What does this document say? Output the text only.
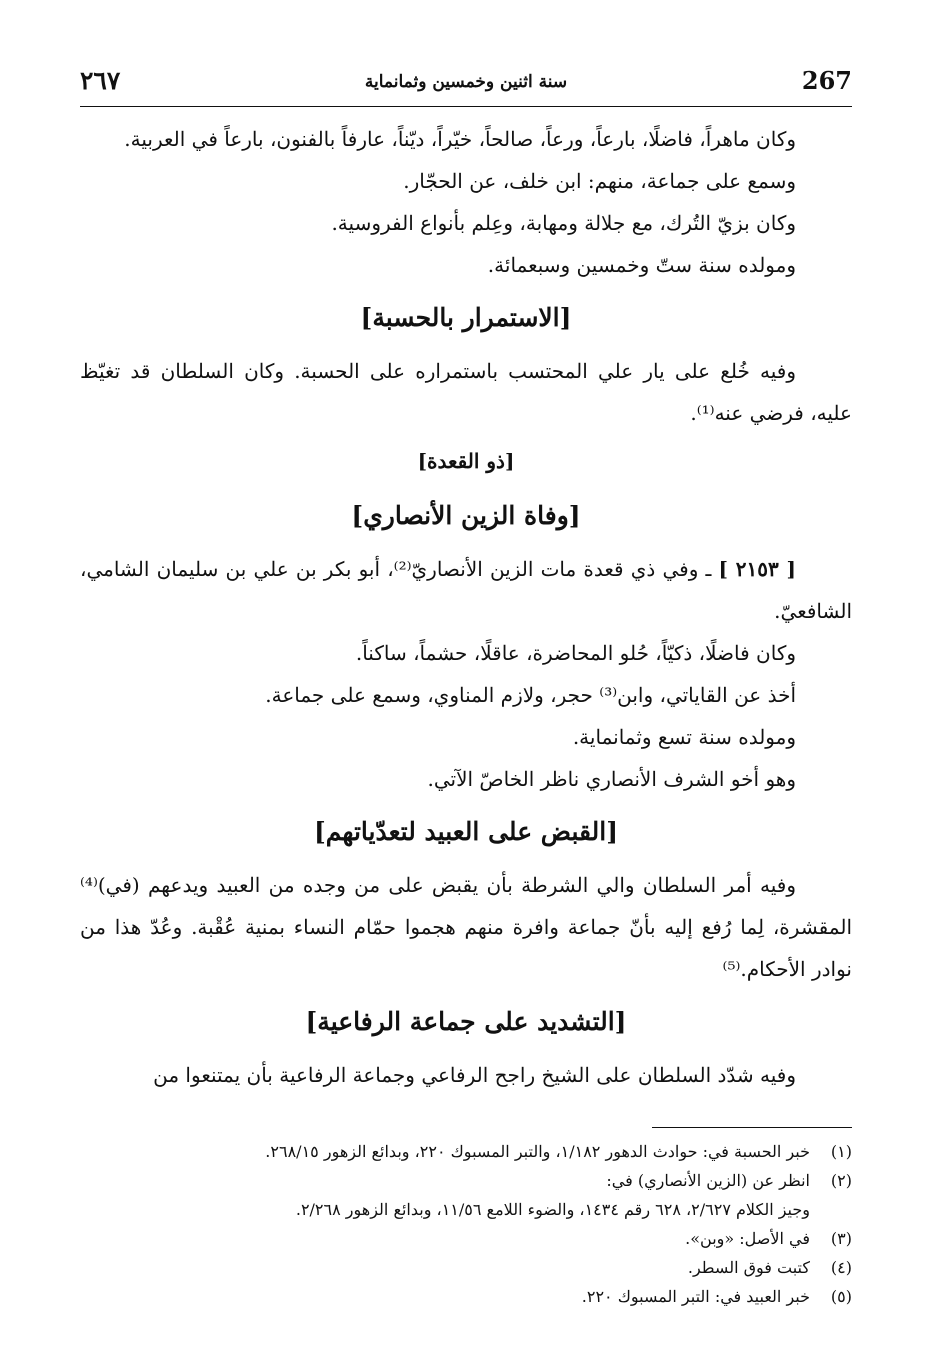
٢٦٧	سنة اثنين وخمسين وثمانماية	267

وكان ماهراً، فاضلًا، بارعاً، ورعاً، صالحاً، خيّراً، ديّناً، عارفاً بالفنون، بارعاً في العربية.

وسمع على جماعة، منهم: ابن خلف، عن الحجّار.

وكان بزيّ التُرك، مع جلالة ومهابة، وعِلم بأنواع الفروسية.

ومولده سنة ستّ وخمسين وسبعمائة.

[الاستمرار بالحسبة]

وفيه خُلع على يار علي المحتسب باستمراره على الحسبة. وكان السلطان قد تغيّظ عليه، فرضي عنه⁽¹⁾.

[ذو القعدة]
[وفاة الزين الأنصاري]

[ ٢١٥٣ ] ـ وفي ذي قعدة مات الزين الأنصاريّ⁽²⁾، أبو بكر بن علي بن سليمان الشامي، الشافعيّ.

وكان فاضلًا، ذكيّاً، حُلو المحاضرة، عاقلًا، حشماً، ساكناً.

أخذ عن القاياتي، وابن⁽³⁾ حجر، ولازم المناوي، وسمع على جماعة.

ومولده سنة تسع وثمانماية.

وهو أخو الشرف الأنصاري ناظر الخاصّ الآتي.

[القبض على العبيد لتعدّياتهم]

وفيه أمر السلطان والي الشرطة بأن يقبض على من وجده من العبيد ويدعهم (في)⁽⁴⁾ المقشرة، لِما رُفع إليه بأنّ جماعة وافرة منهم هجموا حمّام النساء بمنية عُقْبة. وعُدّ هذا من نوادر الأحكام.⁽⁵⁾

[التشديد على جماعة الرفاعية]

وفيه شدّد السلطان على الشيخ راجح الرفاعي وجماعة الرفاعية بأن يمتنعوا من

(١)خبر الحسبة في: حوادث الدهور ١/١٨٢، والتبر المسبوك ٢٢٠، وبدائع الزهور ٢٦٨/١٥.

(٢)انظر عن (الزين الأنصاري) في:

وجيز الكلام ٢/٦٢٧، ٦٢٨ رقم ١٤٣٤، والضوء اللامع ١١/٥٦، وبدائع الزهور ٢/٢٦٨.

(٣)في الأصل: «وبن».

(٤)كتبت فوق السطر.

(٥)خبر العبيد في: التبر المسبوك ٢٢٠.
